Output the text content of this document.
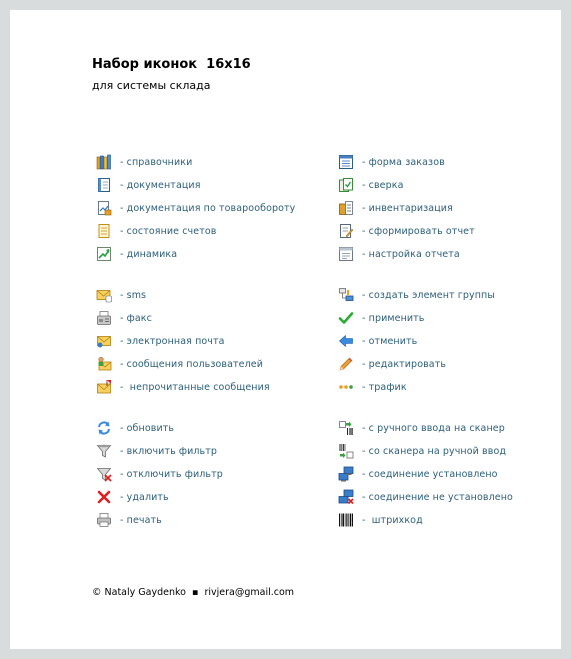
Набор иконок  16х16
для системы склада
- справочники
- документация
- документация по товарообороту
- состояние счетов
- динамика
- форма заказов
- сверка
- инвентаризация
- сформировать отчет
- настройка отчета
- sms
- факс
- электронная почта
- сообщения пользователей
-  непрочитанные сообщения
- создать элемент группы
- применить
- отменить
- редактировать
- трафик
- обновить
- включить фильтр
- отключить фильтр
- удалить
- печать
- с ручного ввода на сканер
- со сканера на ручной ввод
- соединение установлено
- соединение не установлено
-  штрихкод
© Nataly Gaydenko  ▪  rivjera@gmail.com
